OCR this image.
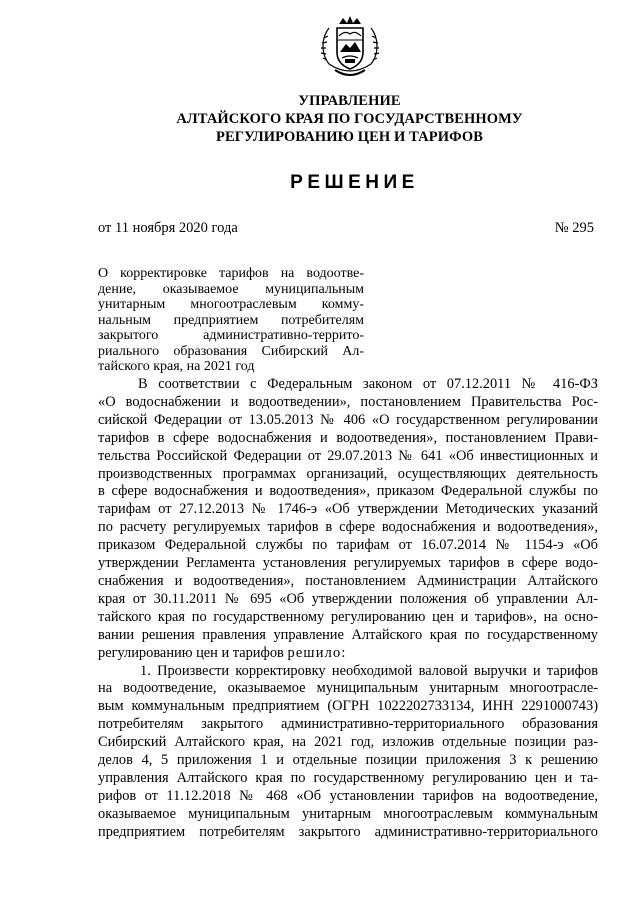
УПРАВЛЕНИЕ
АЛТАЙСКОГО КРАЯ ПО ГОСУДАРСТВЕННОМУ
РЕГУЛИРОВАНИЮ ЦЕН И ТАРИФОВ
РЕШЕНИЕ
от 11 ноября 2020 года	№ 295
О корректировке тарифов на водоотве-
дение, оказываемое муниципальным
унитарным многоотраслевым комму-
нальным предприятием потребителям
закрытого административно-террито-
риального образования Сибирский Ал-
тайского края, на 2021 год
В соответствии с Федеральным законом от 07.12.2011 № 416-ФЗ
«О водоснабжении и водоотведении», постановлением Правительства Рос-
сийской Федерации от 13.05.2013 № 406 «О государственном регулировании
тарифов в сфере водоснабжения и водоотведения», постановлением Прави-
тельства Российской Федерации от 29.07.2013 № 641 «Об инвестиционных и
производственных программах организаций, осуществляющих деятельность
в сфере водоснабжения и водоотведения», приказом Федеральной службы по
тарифам от 27.12.2013 № 1746-э «Об утверждении Методических указаний
по расчету регулируемых тарифов в сфере водоснабжения и водоотведения»,
приказом Федеральной службы по тарифам от 16.07.2014 № 1154-э «Об
утверждении Регламента установления регулируемых тарифов в сфере водо-
снабжения и водоотведения», постановлением Администрации Алтайского
края от 30.11.2011 № 695 «Об утверждении положения об управлении Ал-
тайского края по государственному регулированию цен и тарифов», на осно-
вании решения правления управление Алтайского края по государственному
регулированию цен и тарифов решило:
1. Произвести корректировку необходимой валовой выручки и тарифов
на водоотведение, оказываемое муниципальным унитарным многоотрасле-
вым коммунальным предприятием (ОГРН 1022202733134, ИНН 2291000743)
потребителям закрытого административно-территориального образования
Сибирский Алтайского края, на 2021 год, изложив отдельные позиции раз-
делов 4, 5 приложения 1 и отдельные позиции приложения 3 к решению
управления Алтайского края по государственному регулированию цен и та-
рифов от 11.12.2018 № 468 «Об установлении тарифов на водоотведение,
оказываемое муниципальным унитарным многоотраслевым коммунальным
предприятием потребителям закрытого административно-территориального
